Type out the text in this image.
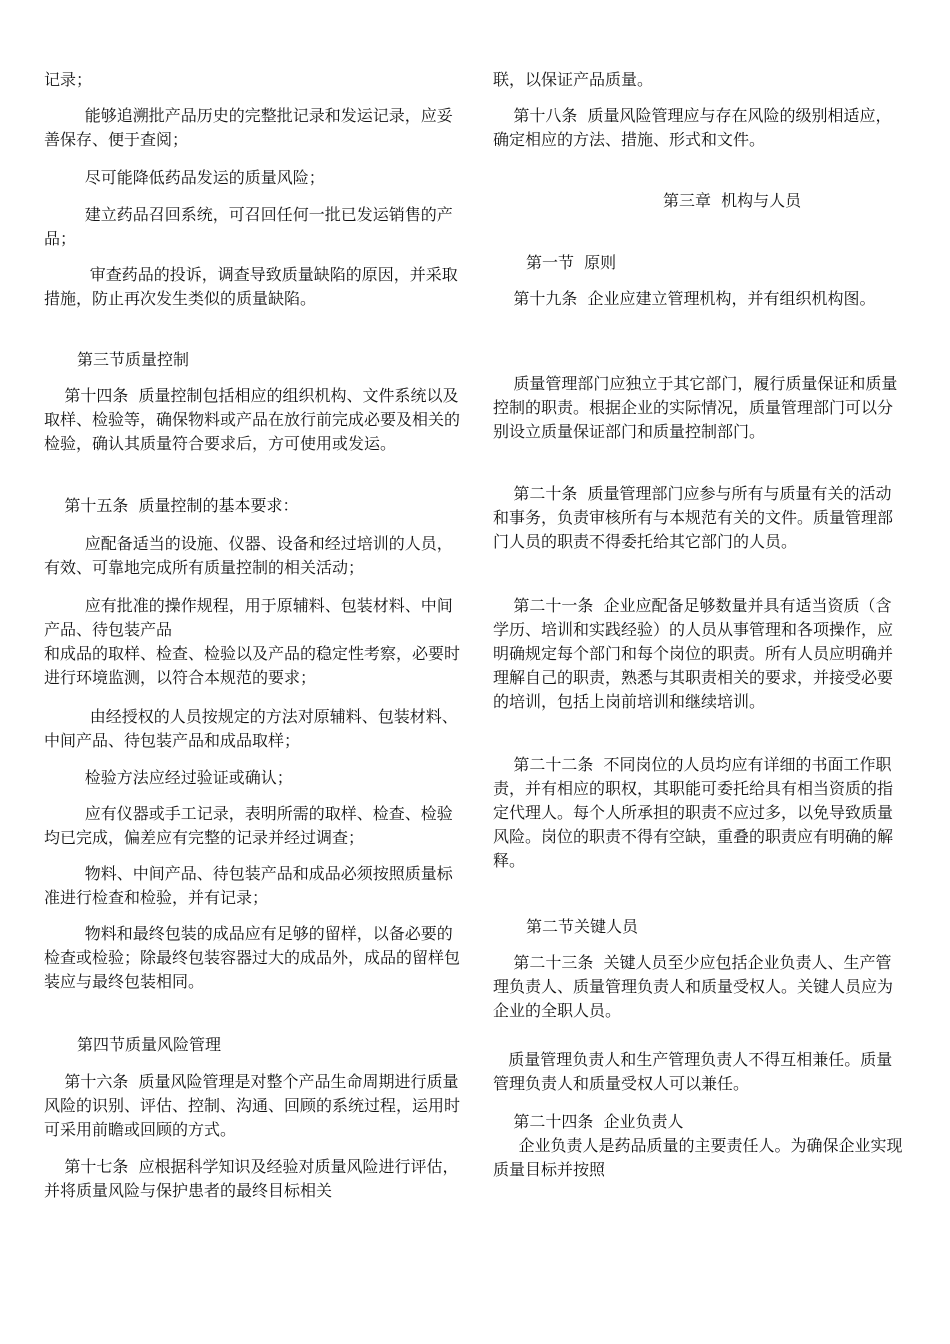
记录；

能够追溯批产品历史的完整批记录和发运记录，应妥善保存、便于查阅；

尽可能降低药品发运的质量风险；

建立药品召回系统，可召回任何一批已发运销售的产品；

审查药品的投诉，调查导致质量缺陷的原因，并采取措施，防止再次发生类似的质量缺陷。

第三节质量控制

第十四条  质量控制包括相应的组织机构、文件系统以及取样、检验等，确保物料或产品在放行前完成必要及相关的检验，确认其质量符合要求后，方可使用或发运。

第十五条  质量控制的基本要求：

应配备适当的设施、仪器、设备和经过培训的人员，有效、可靠地完成所有质量控制的相关活动；

应有批准的操作规程，用于原辅料、包装材料、中间产品、待包装产品
和成品的取样、检查、检验以及产品的稳定性考察，必要时进行环境监测，以符合本规范的要求；

由经授权的人员按规定的方法对原辅料、包装材料、中间产品、待包装产品和成品取样；

检验方法应经过验证或确认；

应有仪器或手工记录，表明所需的取样、检查、检验均已完成，偏差应有完整的记录并经过调查；

物料、中间产品、待包装产品和成品必须按照质量标准进行检查和检验，并有记录；

物料和最终包装的成品应有足够的留样，以备必要的检查或检验；除最终包装容器过大的成品外，成品的留样包装应与最终包装相同。

第四节质量风险管理

第十六条  质量风险管理是对整个产品生命周期进行质量风险的识别、评估、控制、沟通、回顾的系统过程，运用时可采用前瞻或回顾的方式。

第十七条  应根据科学知识及经验对质量风险进行评估，并将质量风险与保护患者的最终目标相关

联，以保证产品质量。

第十八条  质量风险管理应与存在风险的级别相适应，确定相应的方法、措施、形式和文件。

第三章  机构与人员
第一节  原则

第十九条  企业应建立管理机构，并有组织机构图。

质量管理部门应独立于其它部门，履行质量保证和质量控制的职责。根据企业的实际情况，质量管理部门可以分别设立质量保证部门和质量控制部门。

第二十条  质量管理部门应参与所有与质量有关的活动和事务，负责审核所有与本规范有关的文件。质量管理部门人员的职责不得委托给其它部门的人员。

第二十一条  企业应配备足够数量并具有适当资质（含学历、培训和实践经验）的人员从事管理和各项操作，应明确规定每个部门和每个岗位的职责。所有人员应明确并理解自己的职责，熟悉与其职责相关的要求，并接受必要的培训，包括上岗前培训和继续培训。

第二十二条  不同岗位的人员均应有详细的书面工作职责，并有相应的职权，其职能可委托给具有相当资质的指定代理人。每个人所承担的职责不应过多，以免导致质量风险。岗位的职责不得有空缺，重叠的职责应有明确的解释。

第二节关键人员

第二十三条  关键人员至少应包括企业负责人、生产管理负责人、质量管理负责人和质量受权人。关键人员应为企业的全职人员。

质量管理负责人和生产管理负责人不得互相兼任。质量管理负责人和质量受权人可以兼任。

第二十四条  企业负责人

企业负责人是药品质量的主要责任人。为确保企业实现质量目标并按照
